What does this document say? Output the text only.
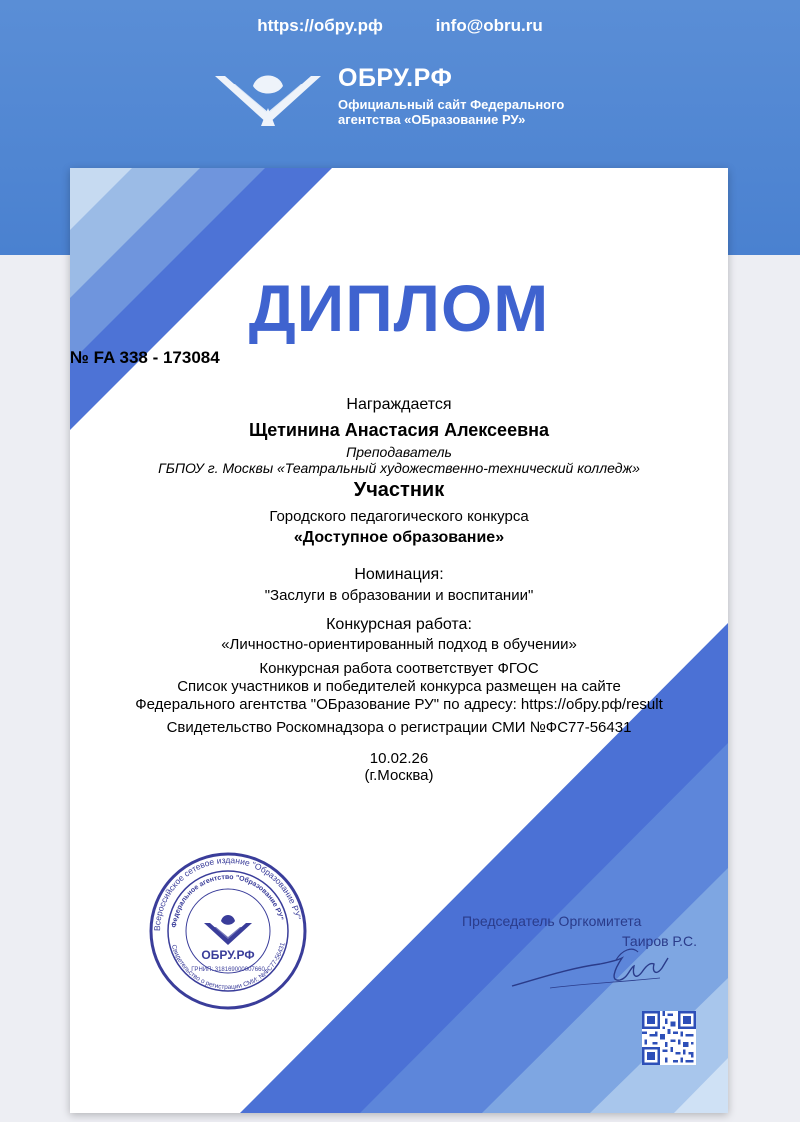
https://обру.рф	info@obru.ru
ОБРУ.РФ
Официальный сайт Федерального
агентства «ОБразование РУ»
ДИПЛОМ
№ FA 338 - 173084
Награждается
Щетинина Анастасия Алексеевна
Преподаватель
ГБПОУ г. Москвы «Театральный художественно-технический колледж»
Участник
Городского педагогического конкурса
«Доступное образование»
Номинация:
"Заслуги в образовании и воспитании"
Конкурсная работа:
«Личностно-ориентированный подход в обучении»
Конкурсная работа соответствует ФГОС
Список участников и победителей конкурса размещен на сайте
Федерального агентства "ОБразование РУ" по адресу: https://обру.рф/result
Свидетельство Роскомнадзора о регистрации СМИ №ФС77-56431
10.02.26
(г.Москва)
Всероссийское сетевое издание "Образование РУ"
Федеральное агентство "Образование РУ"
Свидетельство о регистрации СМИ: №ФС77-56431
ОБРУ.РФ
ГРНИП: 318169000007660
Председатель Оргкомитета
Таиров Р.С.
